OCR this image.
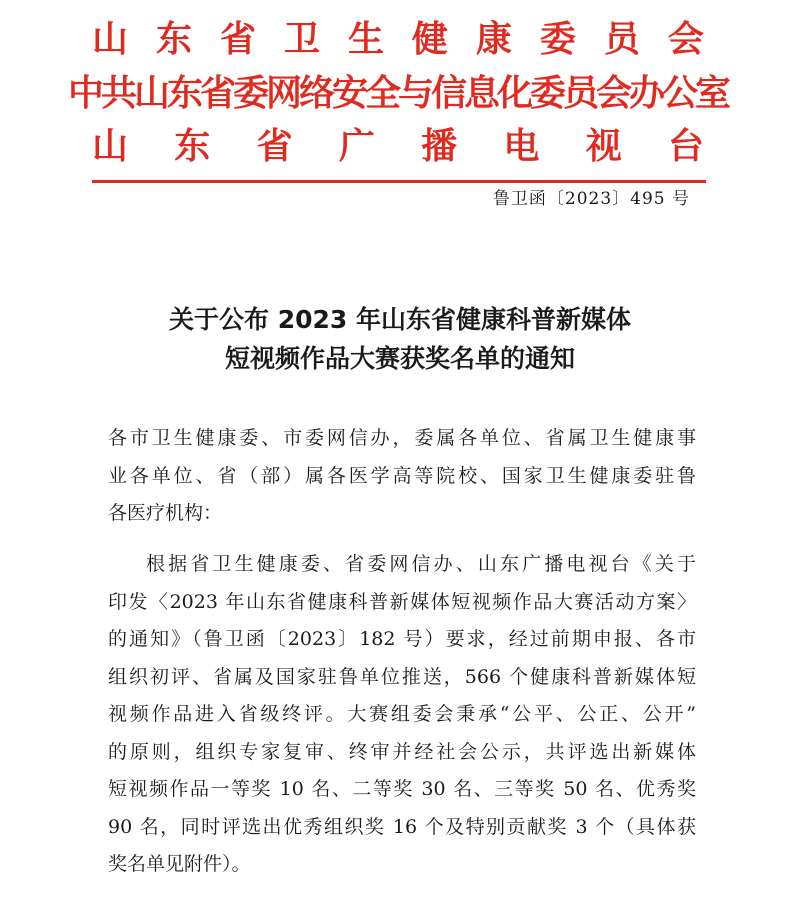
山 东 省 卫 生 健 康 委 员 会
中共山东省委网络安全与信息化委员会办公室
山 东 省 广 播 电 视 台
鲁卫函〔2023〕495 号
关于公布 2023 年山东省健康科普新媒体
短视频作品大赛获奖名单的通知
各市卫生健康委、市委网信办，委属各单位、省属卫生健康事
业各单位、省（部）属各医学高等院校、国家卫生健康委驻鲁
各医疗机构：
根据省卫生健康委、省委网信办、山东广播电视台《关于
印发〈2023 年山东省健康科普新媒体短视频作品大赛活动方案〉
的通知》（鲁卫函〔2023〕182 号）要求，经过前期申报、各市
组织初评、省属及国家驻鲁单位推送，566 个健康科普新媒体短
视频作品进入省级终评。大赛组委会秉承“公平、公正、公开”
的原则，组织专家复审、终审并经社会公示，共评选出新媒体
短视频作品一等奖 10 名、二等奖 30 名、三等奖 50 名、优秀奖
90 名，同时评选出优秀组织奖 16 个及特别贡献奖 3 个（具体获
奖名单见附件）。
